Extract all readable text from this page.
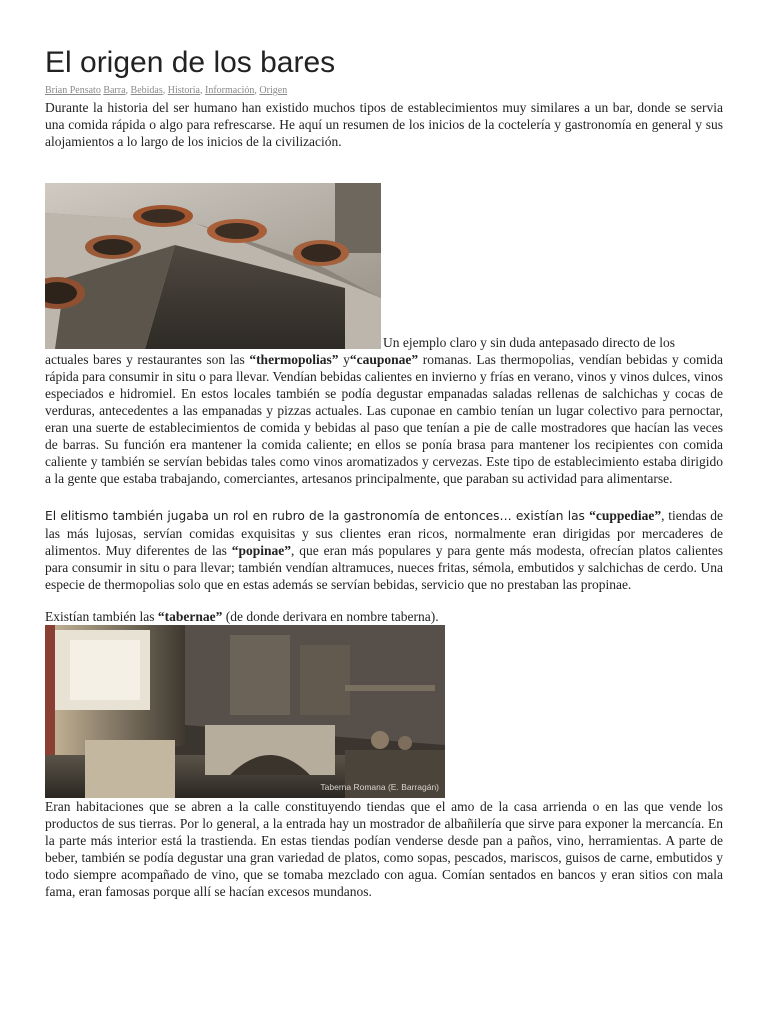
El origen de los bares
Brian Pensato Barra, Bebidas, Historia, Información, Origen

Durante la historia del ser humano han existido muchos tipos de establecimientos muy similares a un bar, donde se servia una comida rápida o algo para refrescarse. He aquí un resumen de los inicios de la coctelería y gastronomía en general y sus alojamientos a lo largo de los inicios de la civilización.

Un ejemplo claro y sin duda antepasado directo de los

actuales bares y restaurantes son las “thermopolias” y“cauponae” romanas. Las thermopolias, vendían bebidas y comida rápida para consumir in situ o para llevar. Vendían bebidas calientes en invierno y frías en verano, vinos y vinos dulces, vinos especiados e hidromiel. En estos locales también se podía degustar empanadas saladas rellenas de salchichas y cocas de verduras, antecedentes a las empanadas y pizzas actuales. Las cuponae en cambio tenían un lugar colectivo para pernoctar, eran una suerte de establecimientos de comida y bebidas al paso que tenían a pie de calle mostradores que hacían las veces de barras. Su función era mantener la comida caliente; en ellos se ponía brasa para mantener los recipientes con comida caliente y también se servían bebidas tales como vinos aromatizados y cervezas. Este tipo de establecimiento estaba dirigido a la gente que estaba trabajando, comerciantes, artesanos principalmente, que paraban su actividad para alimentarse.

El elitismo también jugaba un rol en rubro de la gastronomía de entonces… existían las “cuppediae”, tiendas de las más lujosas, servían comidas exquisitas y sus clientes eran ricos, normalmente eran dirigidas por mercaderes de alimentos. Muy diferentes de las “popinae”, que eran más populares y para gente más modesta, ofrecían platos calientes para consumir in situ o para llevar; también vendían altramuces, nueces fritas, sémola, embutidos y salchichas de cerdo. Una especie de thermopolias solo que en estas además se servían bebidas, servicio que no prestaban las propinae.

Existían también las “tabernae” (de donde derivara en nombre taberna).

Taberna Romana (E. Barragán)

Eran habitaciones que se abren a la calle constituyendo tiendas que el amo de la casa arrienda o en las que vende los productos de sus tierras. Por lo general, a la entrada hay un mostrador de albañilería que sirve para exponer la mercancía. En la parte más interior está la trastienda. En estas tiendas podían venderse desde pan a paños, vino, herramientas. A parte de beber, también se podía degustar una gran variedad de platos, como sopas, pescados, mariscos, guisos de carne, embutidos y todo siempre acompañado de vino, que se tomaba mezclado con agua. Comían sentados en bancos y eran sitios con mala fama, eran famosas porque allí se hacían excesos mundanos.
